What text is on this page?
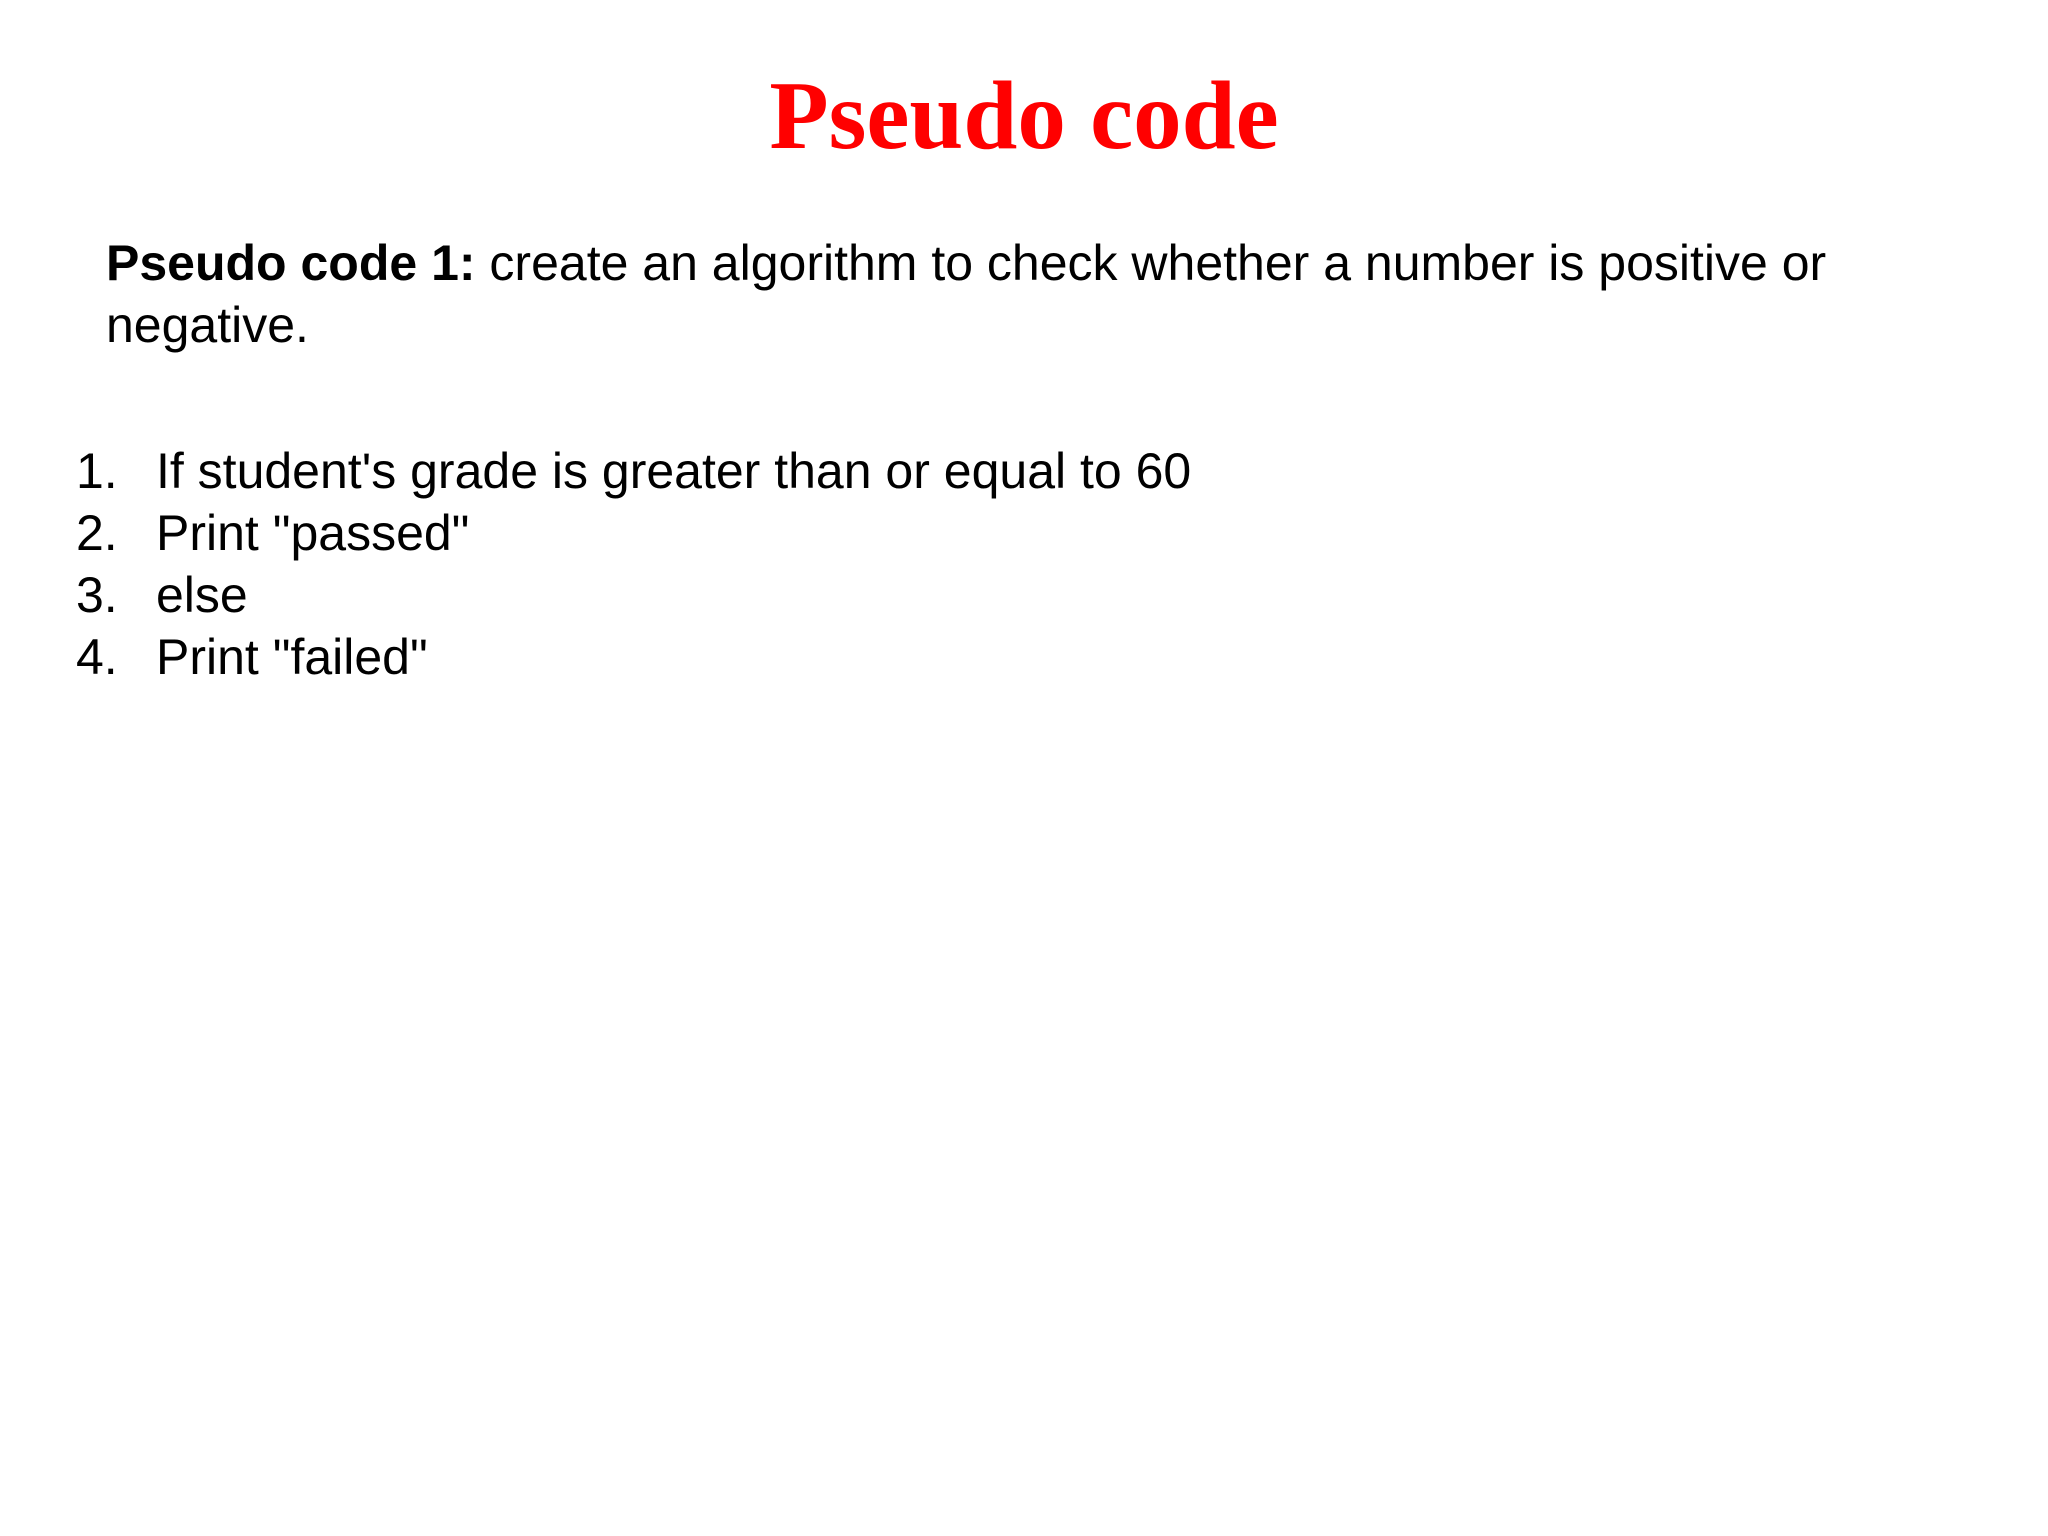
Pseudo code

Pseudo code 1: create an algorithm to check whether a number is positive or negative.

1. If student's grade is greater than or equal to 60
2. Print "passed"
3. else
4. Print "failed"
